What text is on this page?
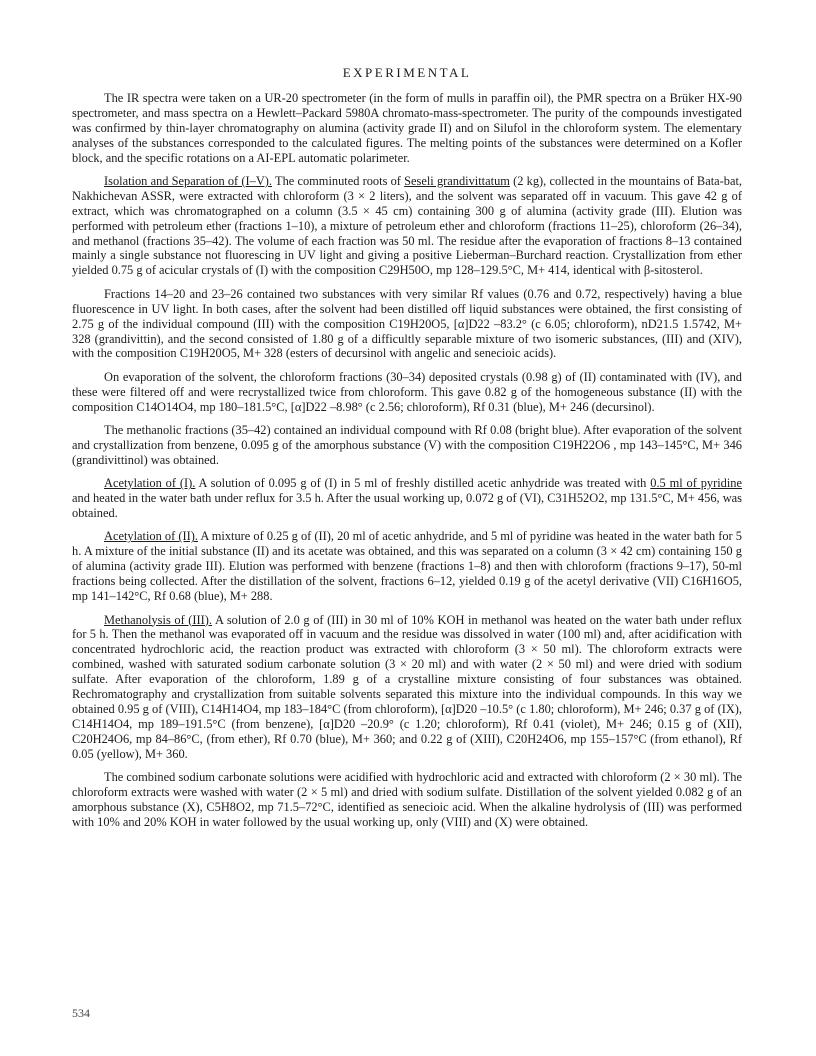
EXPERIMENTAL

The IR spectra were taken on a UR-20 spectrometer (in the form of mulls in paraffin oil), the PMR spectra on a Brüker HX-90 spectrometer, and mass spectra on a Hewlett–Packard 5980A chromato-mass-spectrometer. The purity of the compounds investigated was confirmed by thin-layer chromatography on alumina (activity grade II) and on Silufol in the chloroform system. The elementary analyses of the substances corresponded to the calculated figures. The melting points of the substances were determined on a Kofler block, and the specific rotations on a AI-EPL automatic polarimeter.

Isolation and Separation of (I–V). The comminuted roots of Seseli grandivittatum (2 kg), collected in the mountains of Bata-bat, Nakhichevan ASSR, were extracted with chloroform (3 × 2 liters), and the solvent was separated off in vacuum. This gave 42 g of extract, which was chromatographed on a column (3.5 × 45 cm) containing 300 g of alumina (activity grade (III). Elution was performed with petroleum ether (fractions 1–10), a mixture of petroleum ether and chloroform (fractions 11–25), chloroform (26–34), and methanol (fractions 35–42). The volume of each fraction was 50 ml. The residue after the evaporation of fractions 8–13 contained mainly a single substance not fluorescing in UV light and giving a positive Lieberman–Burchard reaction. Crystallization from ether yielded 0.75 g of acicular crystals of (I) with the composition C29H50O, mp 128–129.5°C, M+ 414, identical with β-sitosterol.

Fractions 14–20 and 23–26 contained two substances with very similar Rf values (0.76 and 0.72, respectively) having a blue fluorescence in UV light. In both cases, after the solvent had been distilled off liquid substances were obtained, the first consisting of 2.75 g of the individual compound (III) with the composition C19H20O5, [α]D22 –83.2° (c 6.05; chloroform), nD21.5 1.5742, M+ 328 (grandivittin), and the second consisted of 1.80 g of a difficultly separable mixture of two isomeric substances, (III) and (XIV), with the composition C19H20O5, M+ 328 (esters of decursinol with angelic and senecioic acids).

On evaporation of the solvent, the chloroform fractions (30–34) deposited crystals (0.98 g) of (II) contaminated with (IV), and these were filtered off and were recrystallized twice from chloroform. This gave 0.82 g of the homogeneous substance (II) with the composition C14O14O4, mp 180–181.5°C, [α]D22 –8.98° (c 2.56; chloroform), Rf 0.31 (blue), M+ 246 (decursinol).

The methanolic fractions (35–42) contained an individual compound with Rf 0.08 (bright blue). After evaporation of the solvent and crystallization from benzene, 0.095 g of the amorphous substance (V) with the composition C19H22O6 , mp 143–145°C, M+ 346 (grandivittinol) was obtained.

Acetylation of (I). A solution of 0.095 g of (I) in 5 ml of freshly distilled acetic anhydride was treated with 0.5 ml of pyridine and heated in the water bath under reflux for 3.5 h. After the usual working up, 0.072 g of (VI), C31H52O2, mp 131.5°C, M+ 456, was obtained.

Acetylation of (II). A mixture of 0.25 g of (II), 20 ml of acetic anhydride, and 5 ml of pyridine was heated in the water bath for 5 h. A mixture of the initial substance (II) and its acetate was obtained, and this was separated on a column (3 × 42 cm) containing 150 g of alumina (activity grade III). Elution was performed with benzene (fractions 1–8) and then with chloroform (fractions 9–17), 50-ml fractions being collected. After the distillation of the solvent, fractions 6–12, yielded 0.19 g of the acetyl derivative (VII) C16H16O5, mp 141–142°C, Rf 0.68 (blue), M+ 288.

Methanolysis of (III). A solution of 2.0 g of (III) in 30 ml of 10% KOH in methanol was heated on the water bath under reflux for 5 h. Then the methanol was evaporated off in vacuum and the residue was dissolved in water (100 ml) and, after acidification with concentrated hydrochloric acid, the reaction product was extracted with chloroform (3 × 50 ml). The chloroform extracts were combined, washed with saturated sodium carbonate solution (3 × 20 ml) and with water (2 × 50 ml) and were dried with sodium sulfate. After evaporation of the chloroform, 1.89 g of a crystalline mixture consisting of four substances was obtained. Rechromatography and crystallization from suitable solvents separated this mixture into the individual compounds. In this way we obtained 0.95 g of (VIII), C14H14O4, mp 183–184°C (from chloroform), [α]D20 –10.5° (c 1.80; chloroform), M+ 246; 0.37 g of (IX), C14H14O4, mp 189–191.5°C (from benzene), [α]D20 –20.9° (c 1.20; chloroform), Rf 0.41 (violet), M+ 246; 0.15 g of (XII), C20H24O6, mp 84–86°C, (from ether), Rf 0.70 (blue), M+ 360; and 0.22 g of (XIII), C20H24O6, mp 155–157°C (from ethanol), Rf 0.05 (yellow), M+ 360.

The combined sodium carbonate solutions were acidified with hydrochloric acid and extracted with chloroform (2 × 30 ml). The chloroform extracts were washed with water (2 × 5 ml) and dried with sodium sulfate. Distillation of the solvent yielded 0.082 g of an amorphous substance (X), C5H8O2, mp 71.5–72°C, identified as senecioic acid. When the alkaline hydrolysis of (III) was performed with 10% and 20% KOH in water followed by the usual working up, only (VIII) and (X) were obtained.

534
